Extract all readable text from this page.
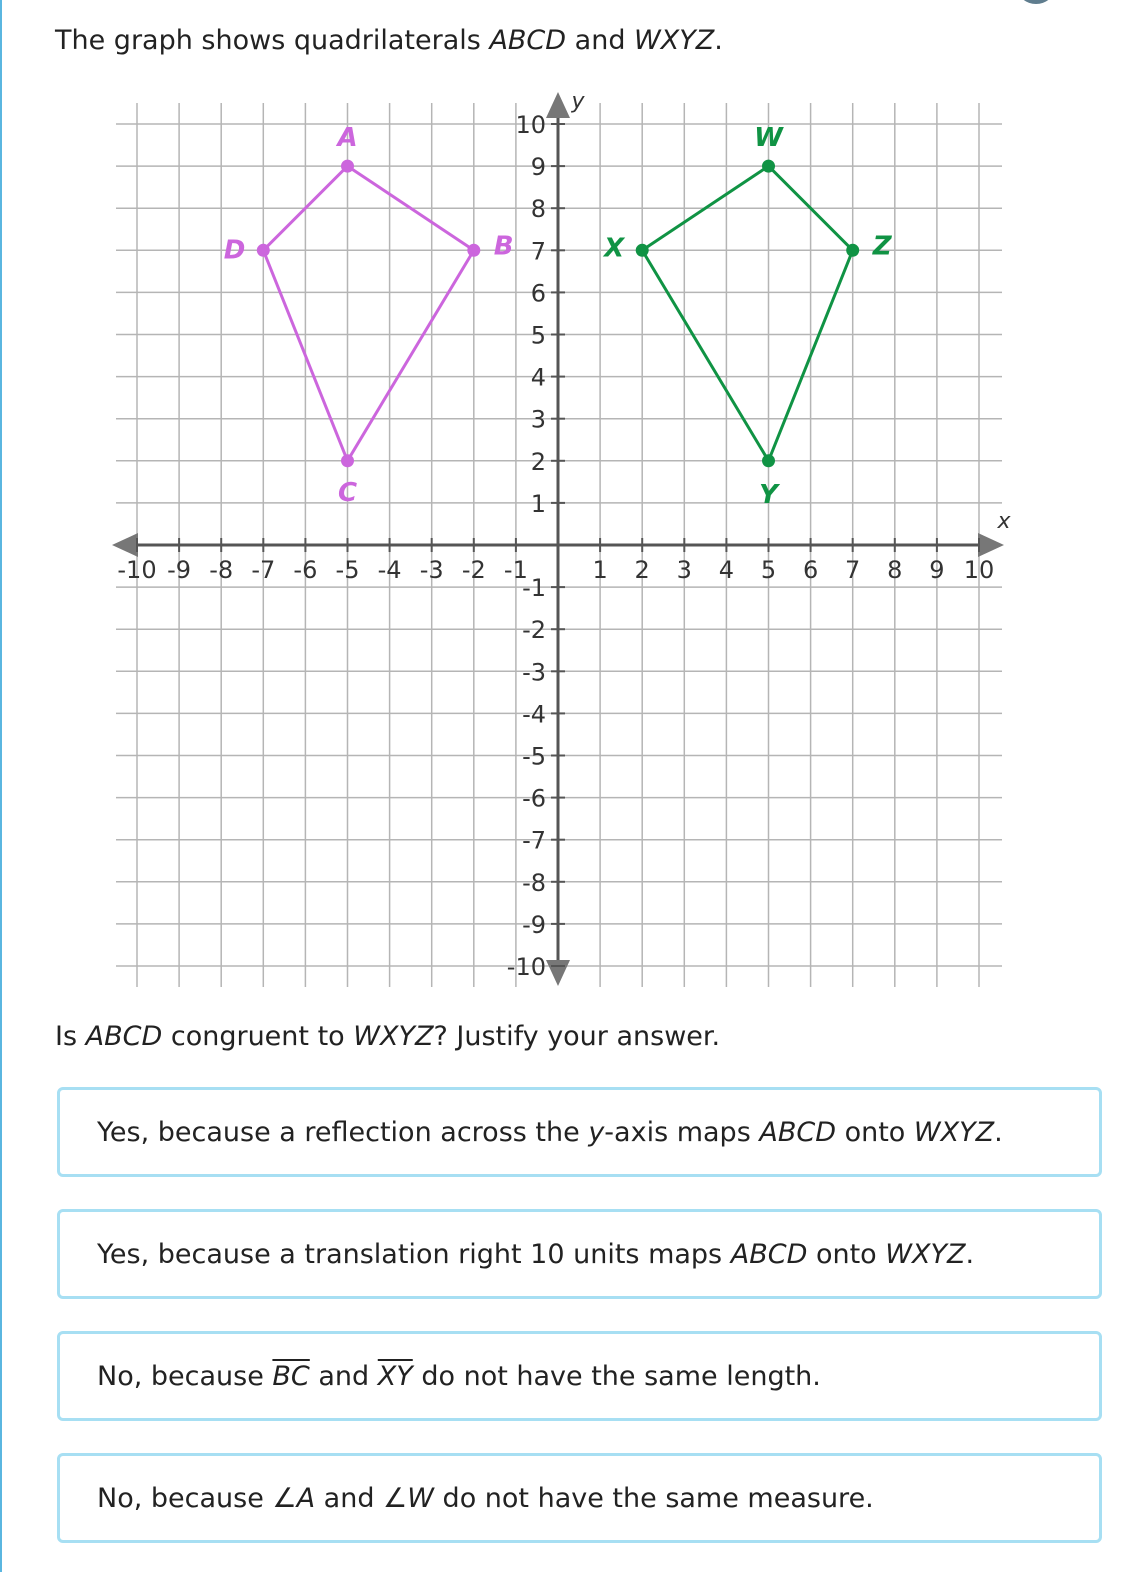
The graph shows quadrilaterals ABCD and WXYZ.

x
y
-10
-10
-9
-9
-8
-8
-7
-7
-6
-6
-5
-5
-4
-4
-3
-3
-2
-2
-1
-1
1
1
2
2
3
3
4
4
5
5
6
6
7
7
8
8
9
9
10
10
A
B
C
D
W
Z
Y
X

Is ABCD congruent to WXYZ? Justify your answer.

Yes, because a reflection across the y-axis maps ABCD onto WXYZ.
Yes, because a translation right 10 units maps ABCD onto WXYZ.
No, because $\overline{BC}$ and $\overline{XY}$ do not have the same length.
No, because ∠A and ∠W do not have the same measure.
